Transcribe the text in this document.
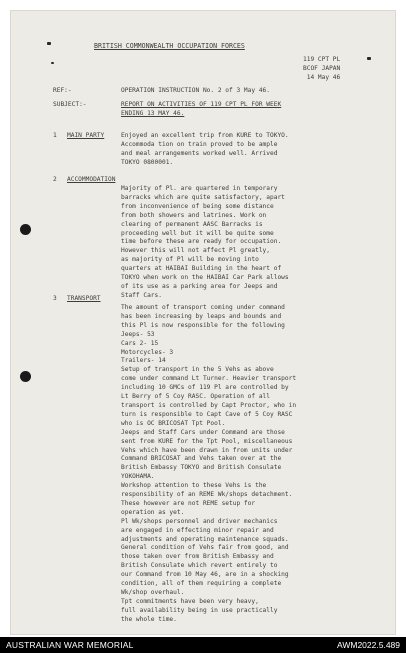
BRITISH COMMONWEALTH OCCUPATION FORCES
119 CPT PL
BCOF JAPAN
14 May 46
REF:-	OPERATION INSTRUCTION No. 2 of 3 May 46.
SUBJECT:-	REPORT ON ACTIVITIES OF 119 CPT PL FOR WEEK
ENDING 13 MAY 46.
1 MAIN PARTY	Enjoyed an excellent trip from KURE to TOKYO.
Accommoda tion on train proved to be ample
and meal arrangements worked well. Arrived
TOKYO 0800001.
2 ACCOMMODATION
Majority of Pl. are quartered in temporary
barracks which are quite satisfactory, apart
from inconvenience of being some distance
from both showers and latrines. Work on
clearing of permanent AASC Barracks is
proceeding well but it will be quite some
time before these are ready for occupation.
However this will not affect Pl greatly,
as majority of Pl will be moving into
quarters at HAIBAI Building in the heart of
TOKYO when work on the HAIBAI Car Park allows
of its use as a parking area for Jeeps and
Staff Cars.
3 TRANSPORT
The amount of transport coming under command
has been increasing by leaps and bounds and
this Pl is now responsible for the following
Jeeps- 53
Cars 2- 15
Motorcycles- 3
Trailers- 14
Setup of transport in the 5 Vehs as above
come under command Lt Turner. Heavier transport
including 10 GMCs of 119 Pl are controlled by
Lt Berry of 5 Coy RASC. Operation of all
transport is controlled by Capt Proctor, who in
turn is responsible to Capt Cave of 5 Coy RASC
who is OC BRICOSAT Tpt Pool.
Jeeps and Staff Cars under Command are those
sent from KURE for the Tpt Pool, miscellaneous
Vehs which have been drawn in from units under
Command BRICOSAT and Vehs taken over at the
British Embassy TOKYO and British Consulate
YOKOHAMA.
Workshop attention to these Vehs is the
responsibility of an REME Wk/shops detachment.
These however are not REME setup for
operation as yet.
Pl Wk/shops personnel and driver mechanics
are engaged in effecting minor repair and
adjustments and operating maintenance squads.
General condition of Vehs fair from good, and
those taken over from British Embassy and
British Consulate which revert entirely to
our Command from 10 May 46, are in a shocking
condition, all of them requiring a complete
Wk/shop overhaul.
Tpt commitments have been very heavy,
full availability being in use practically
the whole time.
AUSTRALIAN WAR MEMORIAL	AWM2022.5.489
